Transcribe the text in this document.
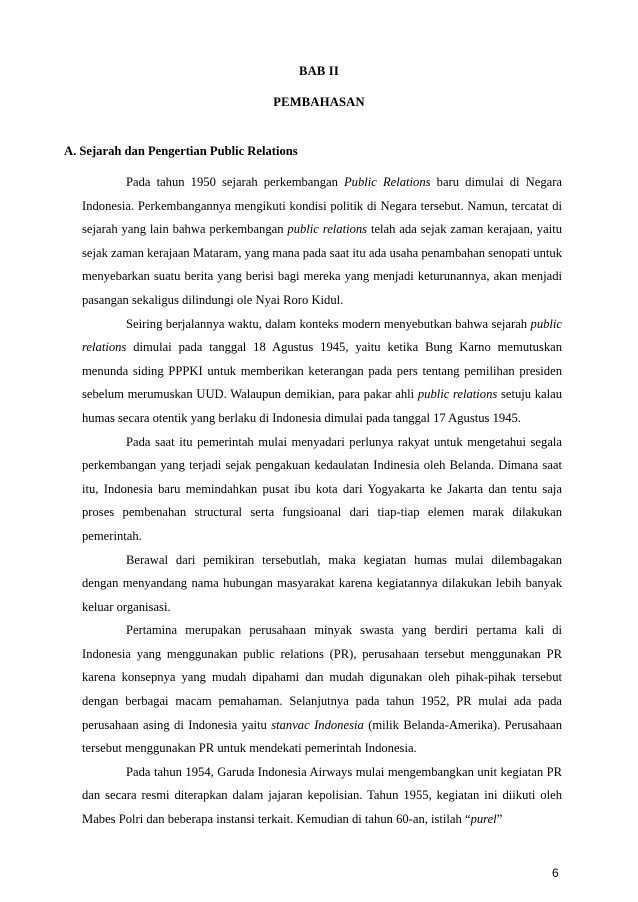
BAB II
PEMBAHASAN
A. Sejarah dan Pengertian Public Relations

Pada tahun 1950 sejarah perkembangan Public Relations baru dimulai di Negara Indonesia. Perkembangannya mengikuti kondisi politik di Negara tersebut. Namun, tercatat di sejarah yang lain bahwa perkembangan public relations telah ada sejak zaman kerajaan, yaitu sejak zaman kerajaan Mataram, yang mana pada saat itu ada usaha penambahan senopati untuk menyebarkan suatu berita yang berisi bagi mereka yang menjadi keturunannya, akan menjadi pasangan sekaligus dilindungi ole Nyai Roro Kidul.

Seiring berjalannya waktu, dalam konteks modern menyebutkan bahwa sejarah public relations dimulai pada tanggal 18 Agustus 1945, yaitu ketika Bung Karno memutuskan menunda siding PPPKI untuk memberikan keterangan pada pers tentang pemilihan presiden sebelum merumuskan UUD. Walaupun demikian, para pakar ahli public relations setuju kalau humas secara otentik yang berlaku di Indonesia dimulai pada tanggal 17 Agustus 1945.

Pada saat itu pemerintah mulai menyadari perlunya rakyat untuk mengetahui segala perkembangan yang terjadi sejak pengakuan kedaulatan Indinesia oleh Belanda. Dimana saat itu, Indonesia baru memindahkan pusat ibu kota dari Yogyakarta ke Jakarta dan tentu saja proses pembenahan structural serta fungsioanal dari tiap-tiap elemen marak dilakukan pemerintah.

Berawal dari pemikiran tersebutlah, maka kegiatan humas mulai dilembagakan dengan menyandang nama hubungan masyarakat karena kegiatannya dilakukan lebih banyak keluar organisasi.

Pertamina merupakan perusahaan minyak swasta yang berdiri pertama kali di Indonesia yang menggunakan public relations (PR), perusahaan tersebut menggunakan PR karena konsepnya yang mudah dipahami dan mudah digunakan oleh pihak-pihak tersebut dengan berbagai macam pemahaman. Selanjutnya pada tahun 1952, PR mulai ada pada perusahaan asing di Indonesia yaitu stanvac Indonesia (milik Belanda-Amerika). Perusahaan tersebut menggunakan PR untuk mendekati pemerintah Indonesia.

Pada tahun 1954, Garuda Indonesia Airways mulai mengembangkan unit kegiatan PR dan secara resmi diterapkan dalam jajaran kepolisian. Tahun 1955, kegiatan ini diikuti oleh Mabes Polri dan beberapa instansi terkait. Kemudian di tahun 60-an, istilah “purel”

6
